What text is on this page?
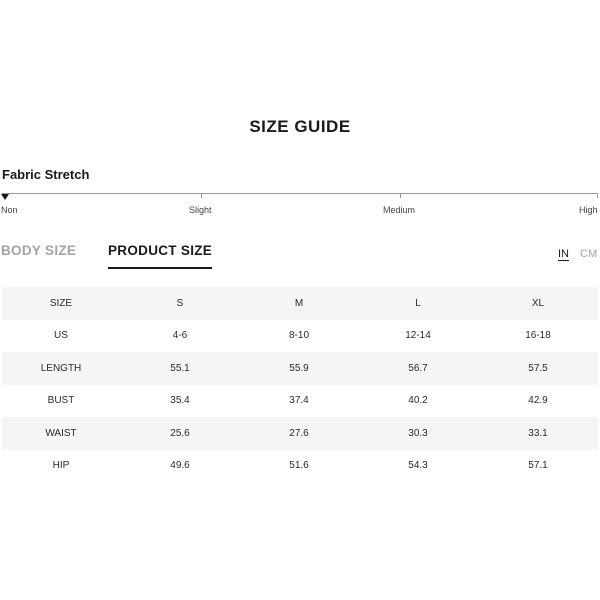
SIZE GUIDE
Fabric Stretch
Non	Slight	Medium	High
BODY SIZE PRODUCT SIZE	IN CM
SIZE	S	M	L	XL
US	4-6	8-10	12-14	16-18
LENGTH	55.1	55.9	56.7	57.5
BUST	35.4	37.4	40.2	42.9
WAIST	25.6	27.6	30.3	33.1
HIP	49.6	51.6	54.3	57.1
